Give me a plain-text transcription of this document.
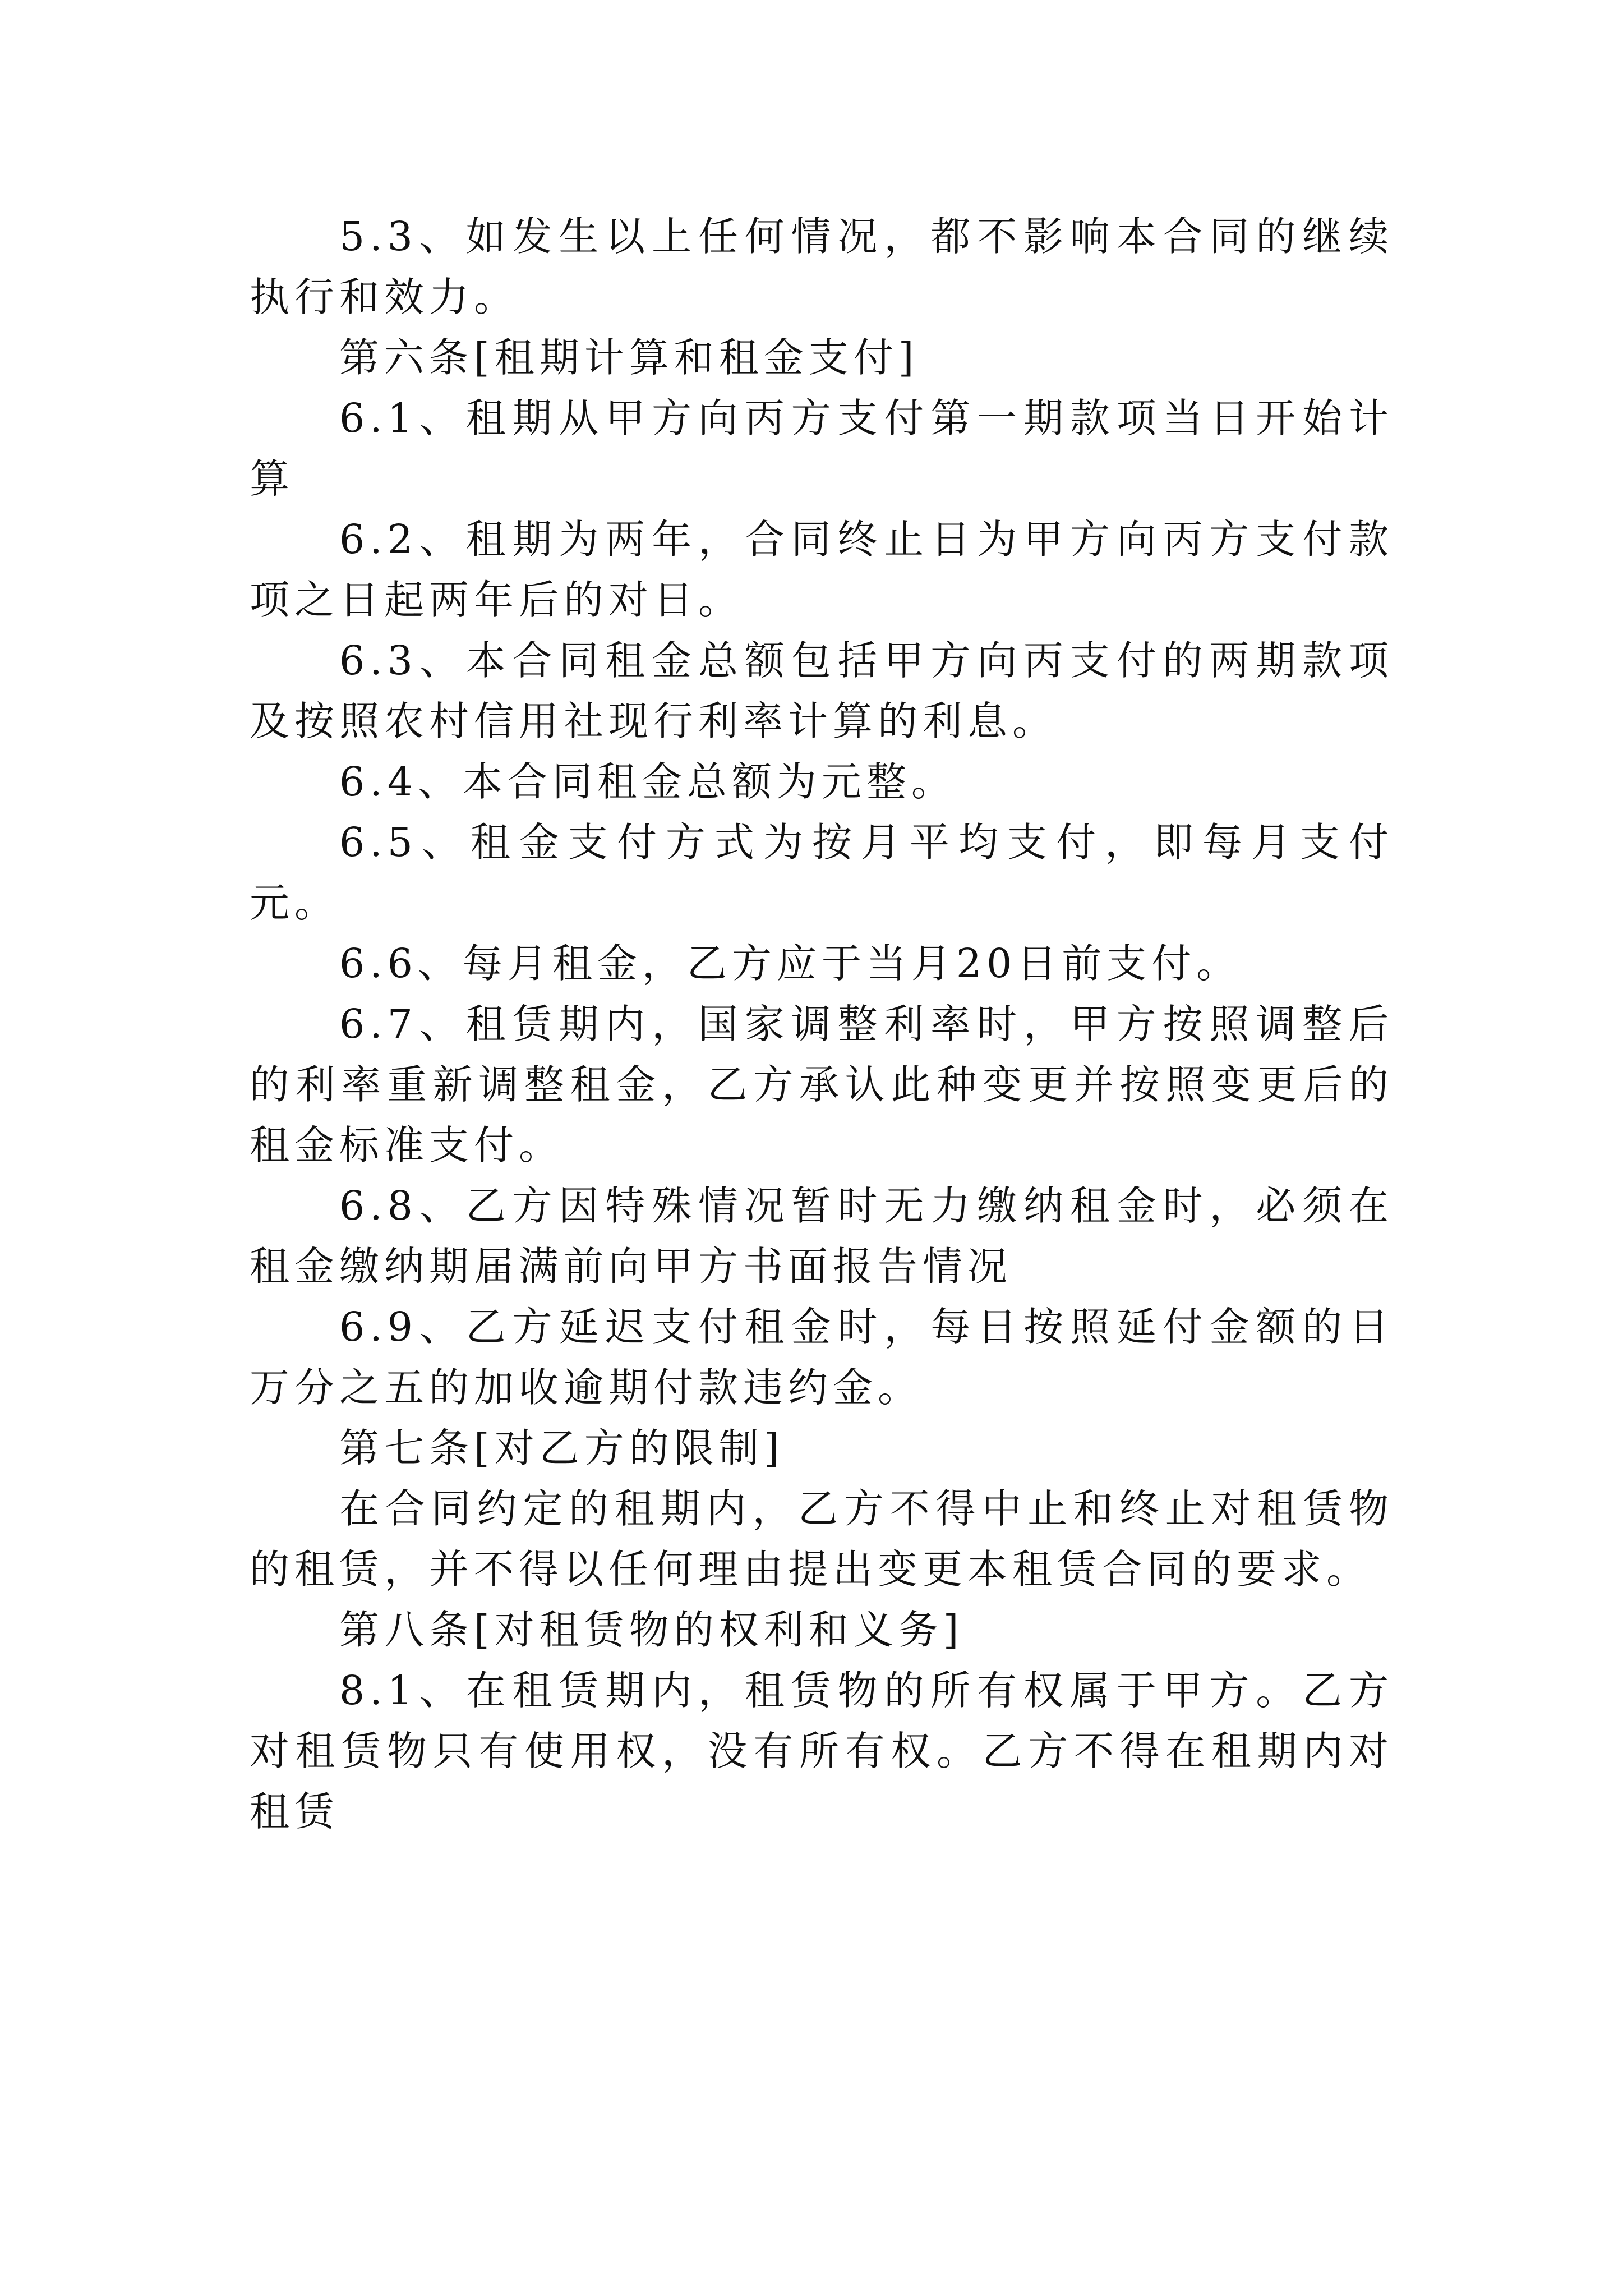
5.3、如发生以上任何情况，都不影响本合同的继续执行和效力。

第六条[租期计算和租金支付]

6.1、租期从甲方向丙方支付第一期款项当日开始计算

6.2、租期为两年，合同终止日为甲方向丙方支付款项之日起两年后的对日。

6.3、本合同租金总额包括甲方向丙支付的两期款项及按照农村信用社现行利率计算的利息。

6.4、本合同租金总额为元整。

6.5、租金支付方式为按月平均支付，即每月支付元。

6.6、每月租金，乙方应于当月20日前支付。

6.7、租赁期内，国家调整利率时，甲方按照调整后的利率重新调整租金，乙方承认此种变更并按照变更后的租金标准支付。

6.8、乙方因特殊情况暂时无力缴纳租金时，必须在租金缴纳期届满前向甲方书面报告情况

6.9、乙方延迟支付租金时，每日按照延付金额的日万分之五的加收逾期付款违约金。

第七条[对乙方的限制]

在合同约定的租期内，乙方不得中止和终止对租赁物的租赁，并不得以任何理由提出变更本租赁合同的要求。

第八条[对租赁物的权利和义务]

8.1、在租赁期内，租赁物的所有权属于甲方。乙方对租赁物只有使用权，没有所有权。乙方不得在租期内对租赁
